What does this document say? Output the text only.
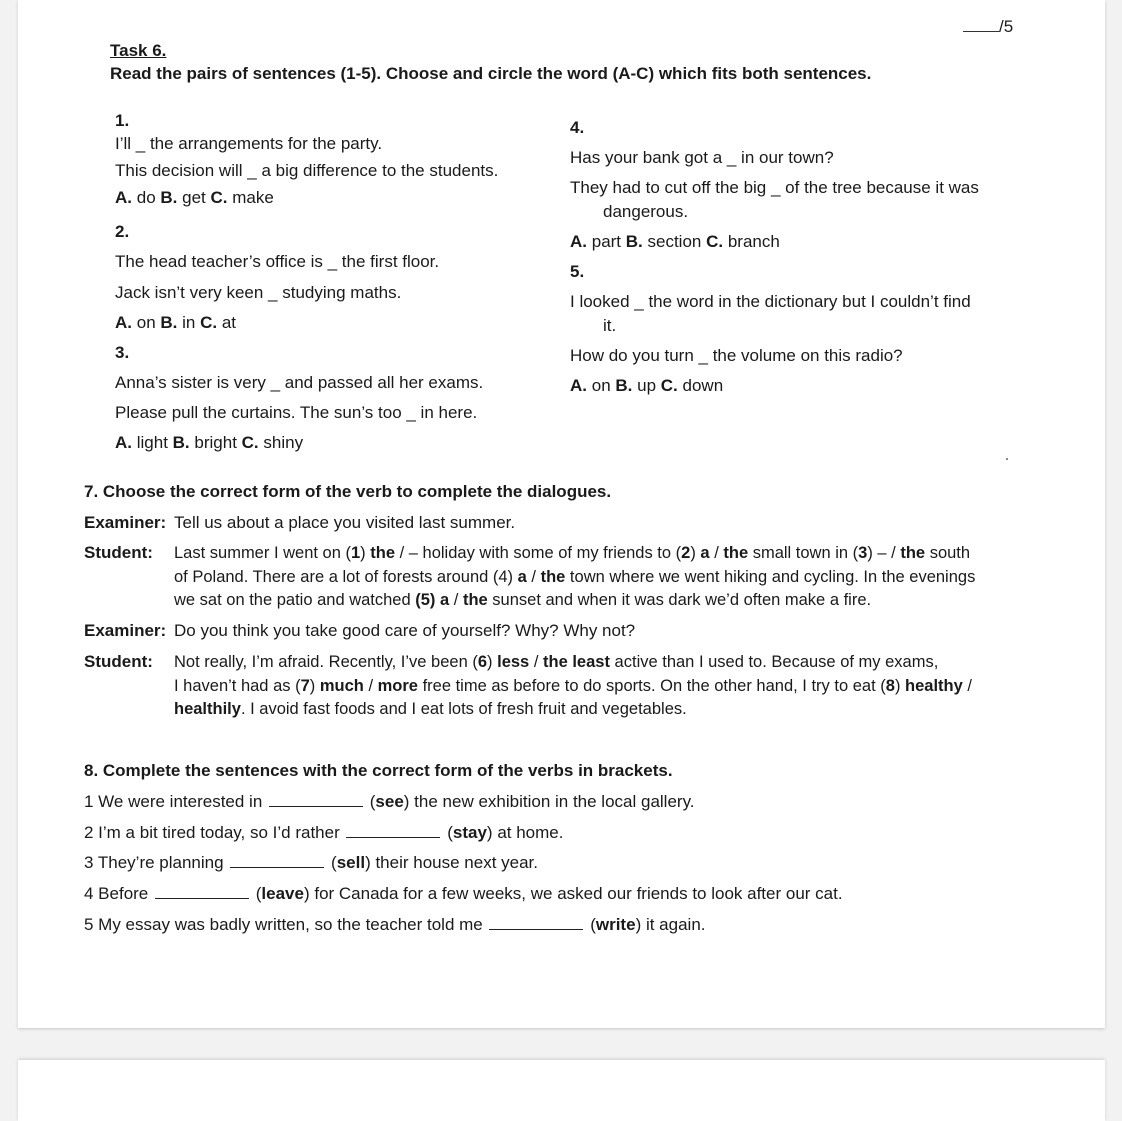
/5
Task 6.
Read the pairs of sentences (1-5). Choose and circle the word (A-C) which fits both sentences.
1.
I’ll _ the arrangements for the party.
This decision will _ a big difference to the students.
A. do B. get C. make
2.
The head teacher’s office is _ the first floor.
Jack isn’t very keen _ studying maths.
A. on B. in C. at
3.
Anna’s sister is very _ and passed all her exams.
Please pull the curtains. The sun’s too _ in here.
A. light B. bright C. shiny
4.
Has your bank got a _ in our town?
They had to cut off the big _ of the tree because it was
dangerous.
A. part B. section C. branch
5.
I looked _ the word in the dictionary but I couldn’t find
it.
How do you turn _ the volume on this radio?
A. on B. up C. down
7. Choose the correct form of the verb to complete the dialogues.
Examiner: Tell us about a place you visited last summer.
Student: Last summer I went on (1) the / – holiday with some of my friends to (2) a / the small town in (3) – / the south
of Poland. There are a lot of forests around (4) a / the town where we went hiking and cycling. In the evenings
we sat on the patio and watched (5) a / the sunset and when it was dark we’d often make a fire.
Examiner: Do you think you take good care of yourself? Why? Why not?
Student: Not really, I’m afraid. Recently, I’ve been (6) less / the least active than I used to. Because of my exams,
I haven’t had as (7) much / more free time as before to do sports. On the other hand, I try to eat (8) healthy /
healthily. I avoid fast foods and I eat lots of fresh fruit and vegetables.
8. Complete the sentences with the correct form of the verbs in brackets.
1 We were interested in	(see) the new exhibition in the local gallery.
2 I’m a bit tired today, so I’d rather	(stay) at home.
3 They’re planning	(sell) their house next year.
4 Before	(leave) for Canada for a few weeks, we asked our friends to look after our cat.
5 My essay was badly written, so the teacher told me	(write) it again.
